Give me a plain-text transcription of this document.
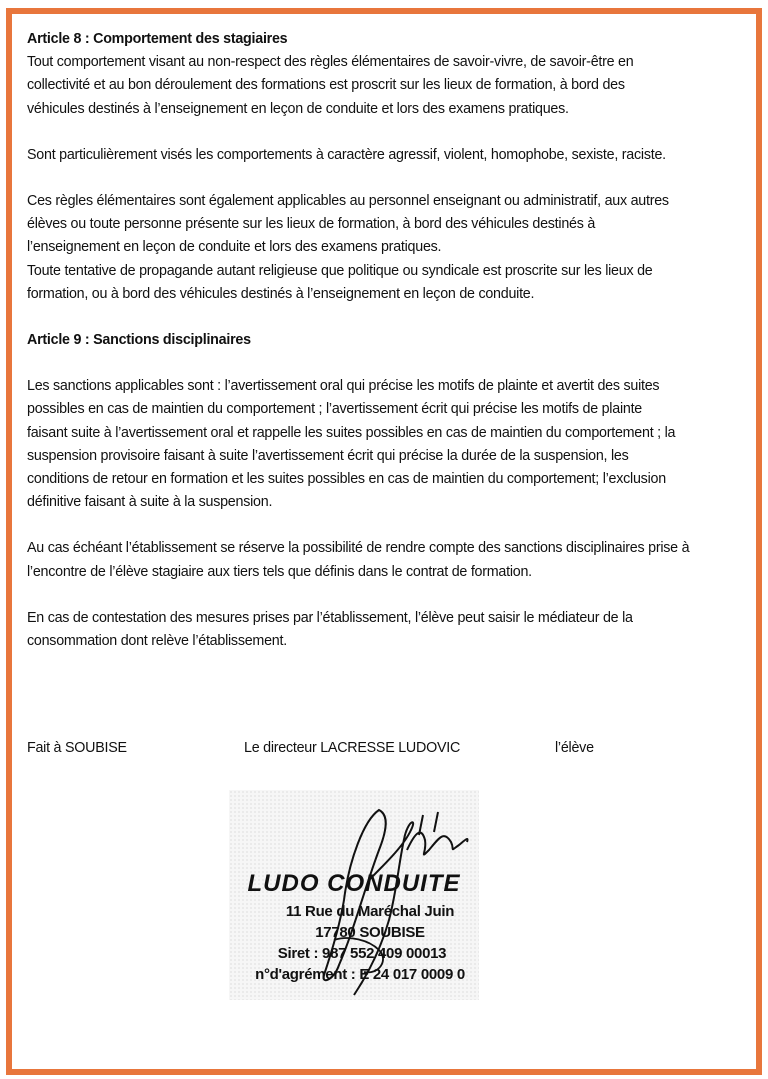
Article 8 : Comportement des stagiaires

Tout comportement visant au non-respect des règles élémentaires de savoir-vivre, de savoir-être en

collectivité et au bon déroulement des formations est proscrit sur les lieux de formation, à bord des

véhicules destinés à l’enseignement en leçon de conduite et lors des examens pratiques.

Sont particulièrement visés les comportements à caractère agressif, violent, homophobe, sexiste, raciste.

Ces règles élémentaires sont également applicables au personnel enseignant ou administratif, aux autres

élèves ou toute personne présente sur les lieux de formation, à bord des véhicules destinés à

l’enseignement en leçon de conduite et lors des examens pratiques.

Toute tentative de propagande autant religieuse que politique ou syndicale est proscrite sur les lieux de

formation, ou à bord des véhicules destinés à l’enseignement en leçon de conduite.

Article 9 : Sanctions disciplinaires

Les sanctions applicables sont : l’avertissement oral qui précise les motifs de plainte et avertit des suites

possibles en cas de maintien du comportement ; l’avertissement écrit qui précise les motifs de plainte

faisant suite à l’avertissement oral et rappelle les suites possibles en cas de maintien du comportement ; la

suspension provisoire faisant à suite l’avertissement écrit qui précise la durée de la suspension, les

conditions de retour en formation et les suites possibles en cas de maintien du comportement; l’exclusion

définitive faisant à suite à la suspension.

Au cas échéant l’établissement se réserve la possibilité de rendre compte des sanctions disciplinaires prise à

l’encontre de l’élève stagiaire aux tiers tels que définis dans le contrat de formation.

En cas de contestation des mesures prises par l’établissement, l’élève peut saisir le médiateur de la

consommation dont relève l’établissement.

Fait à SOUBISE	Le directeur LACRESSE LUDOVIC	l’élève
LUDO CONDUITE
11 Rue du Maréchal Juin
17780 SOUBISE
Siret : 987 552 409 00013
n°d'agrément : E 24 017 0009 0
